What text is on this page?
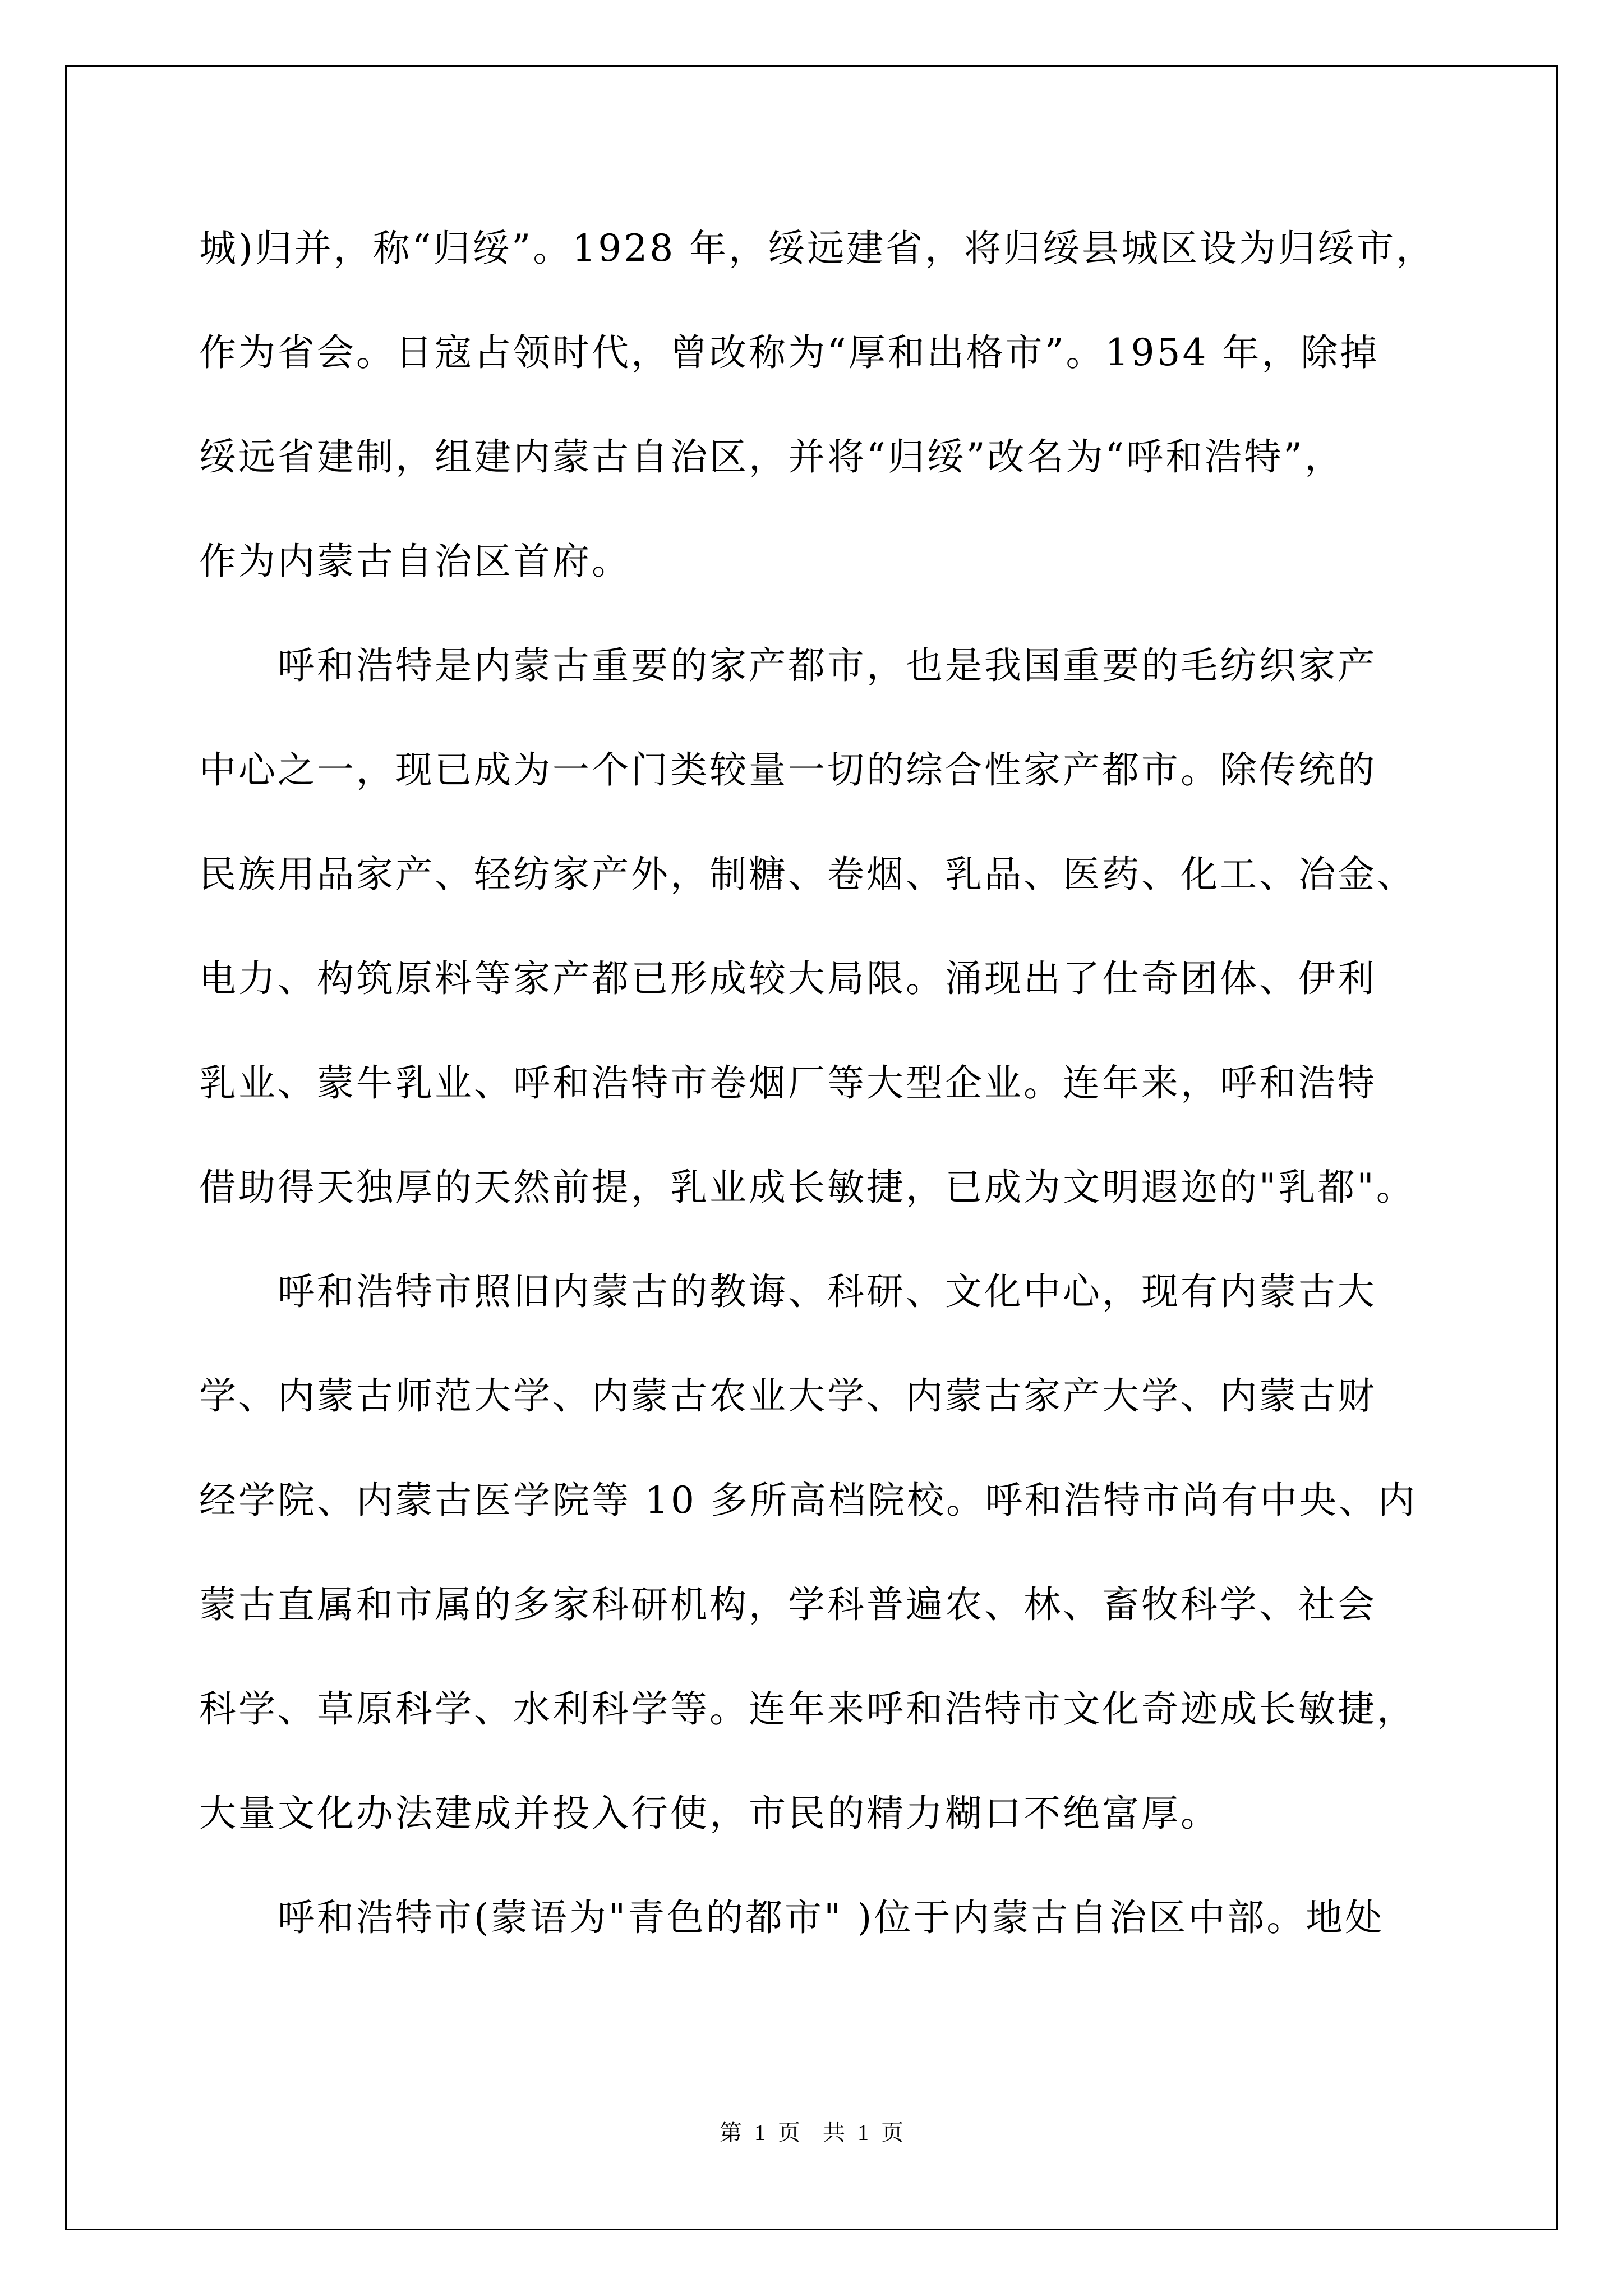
城)归并，称“归绥”。1928 年，绥远建省，将归绥县城区设为归绥市，
作为省会。日寇占领时代，曾改称为“厚和出格市”。1954 年，除掉
绥远省建制，组建内蒙古自治区，并将“归绥”改名为“呼和浩特”，
作为内蒙古自治区首府。
呼和浩特是内蒙古重要的家产都市，也是我国重要的毛纺织家产
中心之一，现已成为一个门类较量一切的综合性家产都市。除传统的
民族用品家产、轻纺家产外，制糖、卷烟、乳品、医药、化工、冶金、
电力、构筑原料等家产都已形成较大局限。涌现出了仕奇团体、伊利
乳业、蒙牛乳业、呼和浩特市卷烟厂等大型企业。连年来，呼和浩特
借助得天独厚的天然前提，乳业成长敏捷，已成为文明遐迩的"乳都"。
呼和浩特市照旧内蒙古的教诲、科研、文化中心，现有内蒙古大
学、内蒙古师范大学、内蒙古农业大学、内蒙古家产大学、内蒙古财
经学院、内蒙古医学院等 10 多所高档院校。呼和浩特市尚有中央、内
蒙古直属和市属的多家科研机构，学科普遍农、林、畜牧科学、社会
科学、草原科学、水利科学等。连年来呼和浩特市文化奇迹成长敏捷，
大量文化办法建成并投入行使，市民的精力糊口不绝富厚。
呼和浩特市(蒙语为"青色的都市" )位于内蒙古自治区中部。地处
第 1 页　共 1 页
